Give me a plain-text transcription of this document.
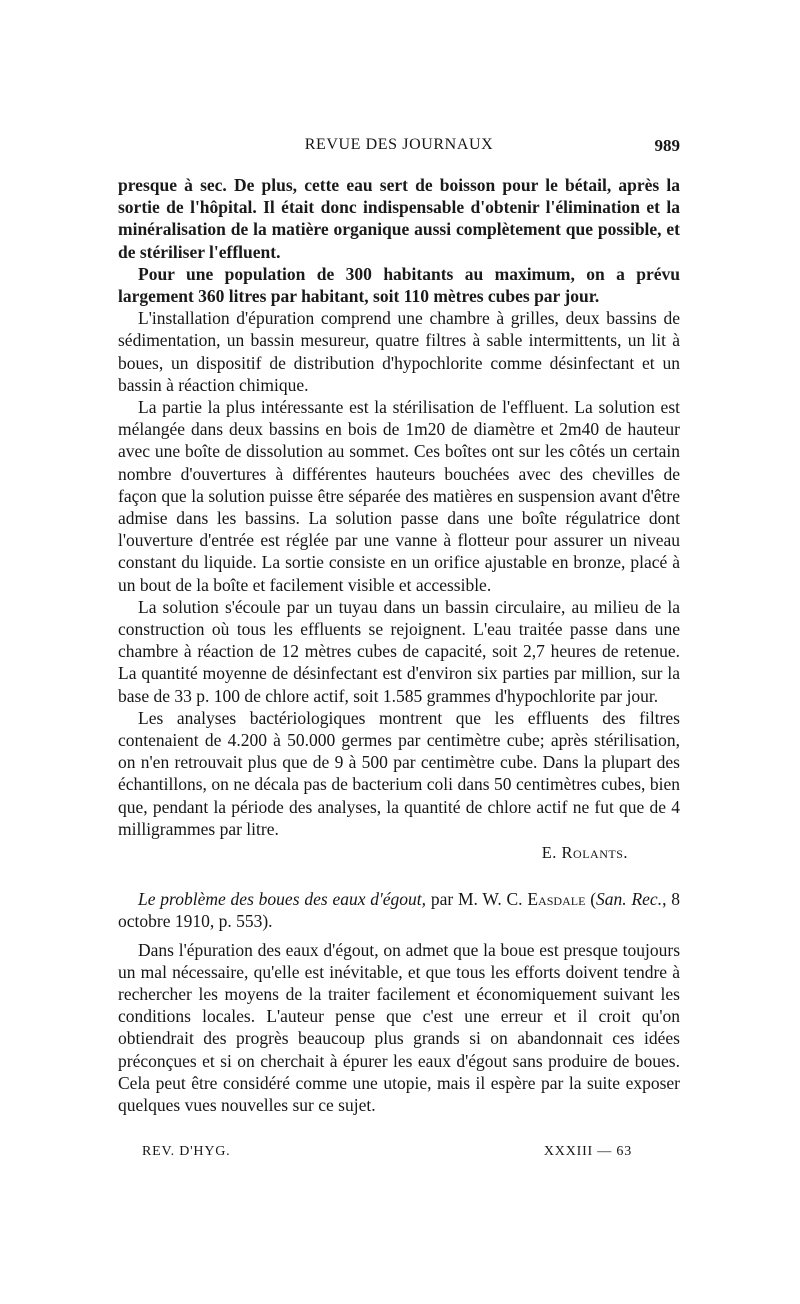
REVUE DES JOURNAUX	989

presque à sec. De plus, cette eau sert de boisson pour le bétail, après la sortie de l'hôpital. Il était donc indispensable d'obtenir l'élimination et la minéralisation de la matière organique aussi complètement que possible, et de stériliser l'effluent.

Pour une population de 300 habitants au maximum, on a prévu largement 360 litres par habitant, soit 110 mètres cubes par jour.

L'installation d'épuration comprend une chambre à grilles, deux bassins de sédimentation, un bassin mesureur, quatre filtres à sable intermittents, un lit à boues, un dispositif de distribution d'hypochlorite comme désinfectant et un bassin à réaction chimique.

La partie la plus intéressante est la stérilisation de l'effluent. La solution est mélangée dans deux bassins en bois de 1m20 de diamètre et 2m40 de hauteur avec une boîte de dissolution au sommet. Ces boîtes ont sur les côtés un certain nombre d'ouvertures à différentes hauteurs bouchées avec des chevilles de façon que la solution puisse être séparée des matières en suspension avant d'être admise dans les bassins. La solution passe dans une boîte régulatrice dont l'ouverture d'entrée est réglée par une vanne à flotteur pour assurer un niveau constant du liquide. La sortie consiste en un orifice ajustable en bronze, placé à un bout de la boîte et facilement visible et accessible.

La solution s'écoule par un tuyau dans un bassin circulaire, au milieu de la construction où tous les effluents se rejoignent. L'eau traitée passe dans une chambre à réaction de 12 mètres cubes de capacité, soit 2,7 heures de retenue. La quantité moyenne de désinfectant est d'environ six parties par million, sur la base de 33 p. 100 de chlore actif, soit 1.585 grammes d'hypochlorite par jour.

Les analyses bactériologiques montrent que les effluents des filtres contenaient de 4.200 à 50.000 germes par centimètre cube; après stérilisation, on n'en retrouvait plus que de 9 à 500 par centimètre cube. Dans la plupart des échantillons, on ne décala pas de bacterium coli dans 50 centimètres cubes, bien que, pendant la période des analyses, la quantité de chlore actif ne fut que de 4 milligrammes par litre.

E. Rolants.

Le problème des boues des eaux d'égout, par M. W. C. Easdale (San. Rec., 8 octobre 1910, p. 553).

Dans l'épuration des eaux d'égout, on admet que la boue est presque toujours un mal nécessaire, qu'elle est inévitable, et que tous les efforts doivent tendre à rechercher les moyens de la traiter facilement et économiquement suivant les conditions locales. L'auteur pense que c'est une erreur et il croit qu'on obtiendrait des progrès beaucoup plus grands si on abandonnait ces idées préconçues et si on cherchait à épurer les eaux d'égout sans produire de boues. Cela peut être considéré comme une utopie, mais il espère par la suite exposer quelques vues nouvelles sur ce sujet.

REV. D'HYG.	XXXIII — 63
